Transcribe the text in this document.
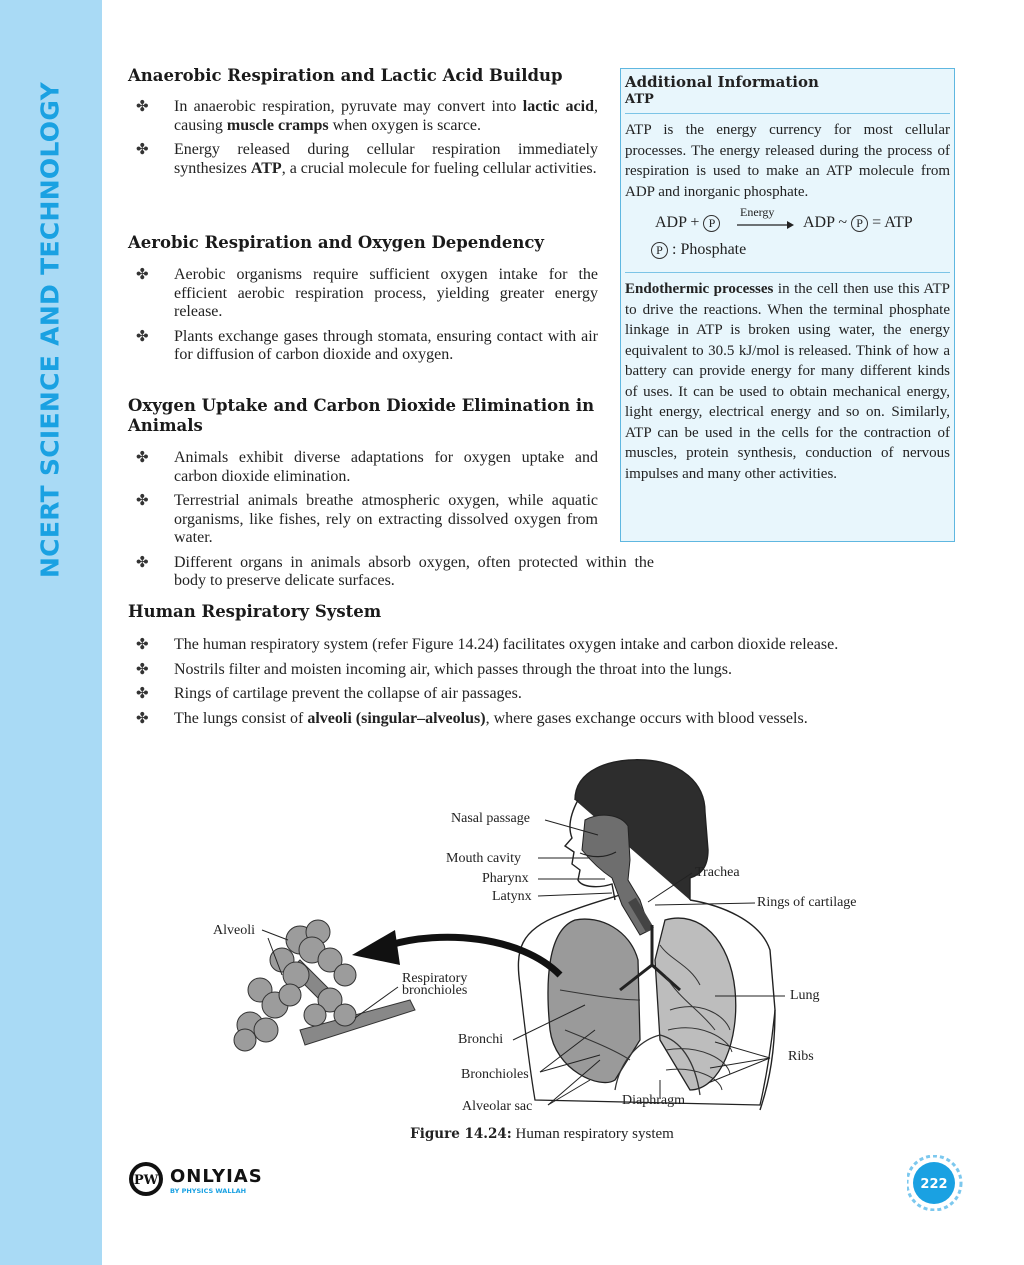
NCERT SCIENCE AND TECHNOLOGY
Anaerobic Respiration and Lactic Acid Buildup
✤ In anaerobic respiration, pyruvate may convert into lactic acid, causing muscle cramps when oxygen is scarce.
✤ Energy released during cellular respiration immediately synthesizes ATP, a crucial molecule for fueling cellular activities.
Aerobic Respiration and Oxygen Dependency
✤ Aerobic organisms require sufficient oxygen intake for the efficient aerobic respiration process, yielding greater energy release.
✤ Plants exchange gases through stomata, ensuring contact with air for diffusion of carbon dioxide and oxygen.
Oxygen Uptake and Carbon Dioxide Elimination in Animals
✤ Animals exhibit diverse adaptations for oxygen uptake and carbon dioxide elimination.
✤ Terrestrial animals breathe atmospheric oxygen, while aquatic organisms, like fishes, rely on extracting dissolved oxygen from water.
✤ Different organs in animals absorb oxygen, often protected within the body to preserve delicate surfaces.
Human Respiratory System
✤ The human respiratory system (refer Figure 14.24) facilitates oxygen intake and carbon dioxide release.
✤ Nostrils filter and moisten incoming air, which passes through the throat into the lungs.
✤ Rings of cartilage prevent the collapse of air passages.
✤ The lungs consist of alveoli (singular–alveolus), where gases exchange occurs with blood vessels.
Additional Information
ATP

ATP is the energy currency for most cellular processes. The energy released during the process of respiration is used to make an ATP molecule from ADP and inorganic phosphate.

ADP + P
Energy
→ ADP ~ P = ATP
P : Phosphate

Endothermic processes in the cell then use this ATP to drive the reactions. When the terminal phosphate linkage in ATP is broken using water, the energy equivalent to 30.5 kJ/mol is released. Think of how a battery can provide energy for many different kinds of uses. It can be used to obtain mechanical energy, light energy, electrical energy and so on. Similarly, ATP can be used in the cells for the contraction of muscles, protein synthesis, conduction of nervous impulses and many other activities.

Nasal passage
Mouth cavity
Pharynx
Latynx
Trachea
Rings of cartilage
Alveoli
Respiratory
bronchioles	Lung
Bronchi
Ribs
Bronchioles
Alveolar sac	Diaphragm
Figure 14.24: Human respiratory system
PW ONLYIAS
BY PHYSICS WALLAH	222
